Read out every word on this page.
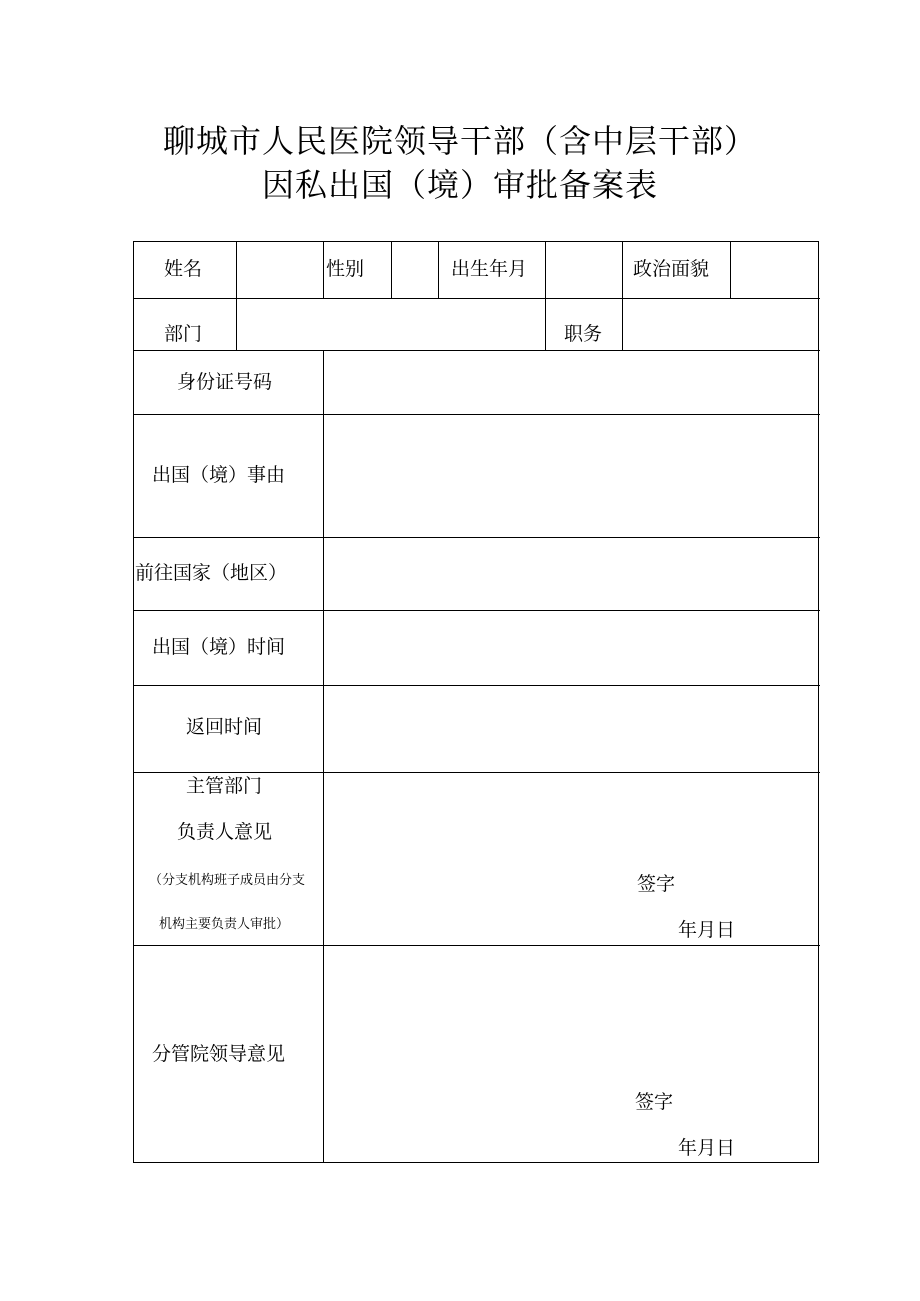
聊城市人民医院领导干部（含中层干部）
因私出国（境）审批备案表
姓名	性别	出生年月	政治面貌
部门	职务
身份证号码
出国（境）事由
前往国家（地区）
出国（境）时间
返回时间
主管部门
负责人意见
（分支机构班子成员由分支
机构主要负责人审批）
签字
年月日
分管院领导意见
签字
年月日
